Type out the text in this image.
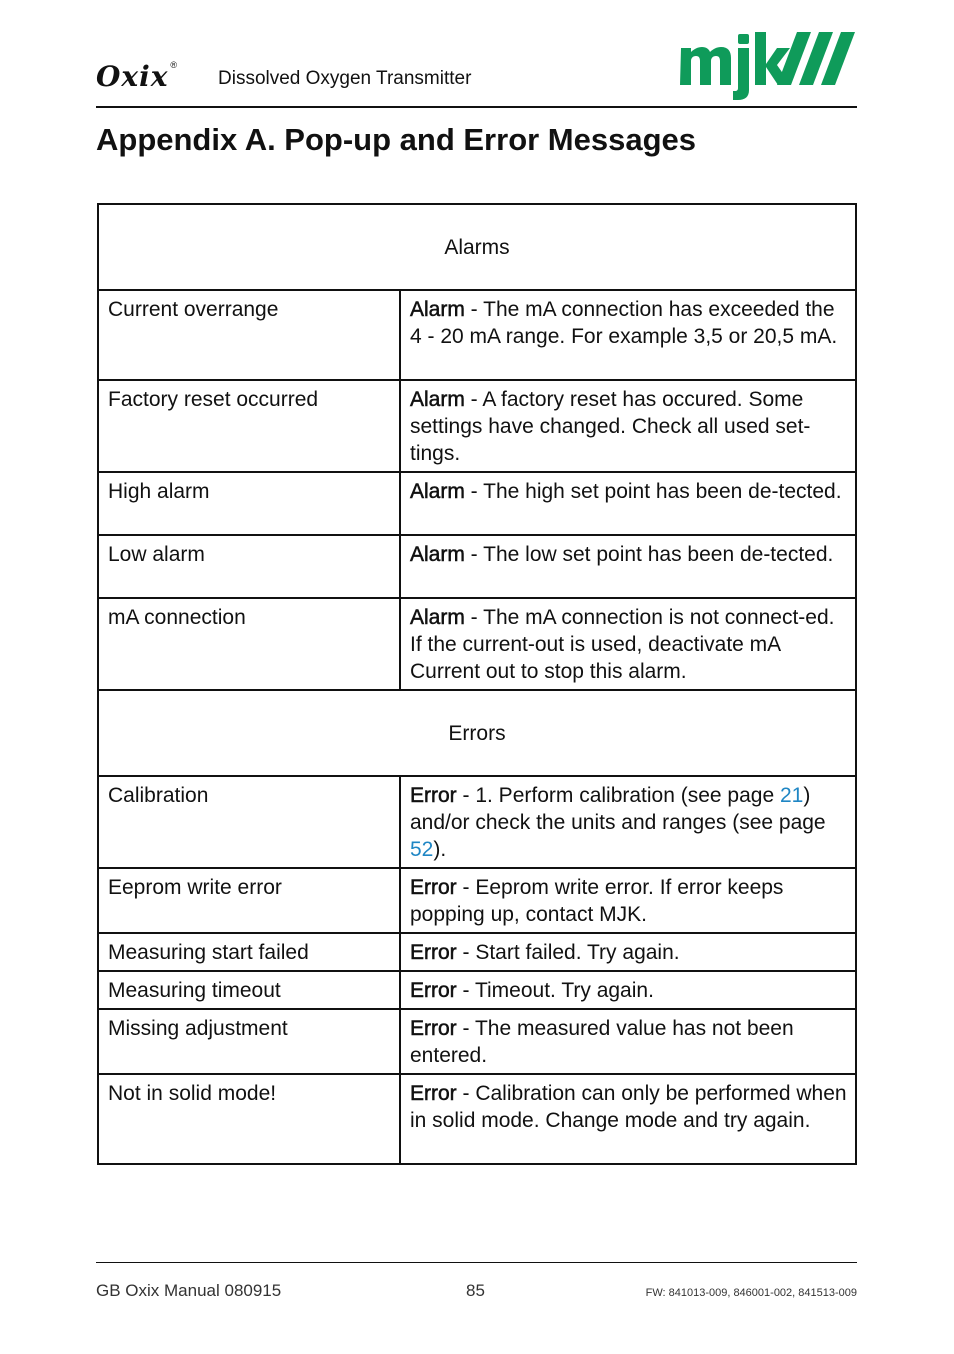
Oxix ®
Dissolved Oxygen Transmitter
Appendix A. Pop-up and Error Messages
Alarms	
Current overrange	Alarm - The mA connection has exceeded the 4 - 20 mA range. For example 3,5 or 20,5 mA.
Factory reset occurred	Alarm - A factory reset has occured. Some settings have changed. Check all used set-tings.
High alarm	Alarm - The high set point has been de-tected.
Low alarm	Alarm - The low set point has been de-tected.
mA connection	Alarm - The mA connection is not connect-ed. If the current-out is used, deactivate mA Current out to stop this alarm.
Errors	
Calibration	Error - 1. Perform calibration (see page 21) and/or check the units and ranges (see page 52).
Eeprom write error	Error - Eeprom write error. If error keeps popping up, contact MJK.
Measuring start failed	Error - Start failed. Try again.
Measuring timeout	Error - Timeout. Try again.
Missing adjustment	Error - The measured value has not been entered.
Not in solid mode!	Error - Calibration can only be performed when in solid mode. Change mode and try again.
GB Oxix Manual 080915	85	FW: 841013-009, 846001-002, 841513-009
